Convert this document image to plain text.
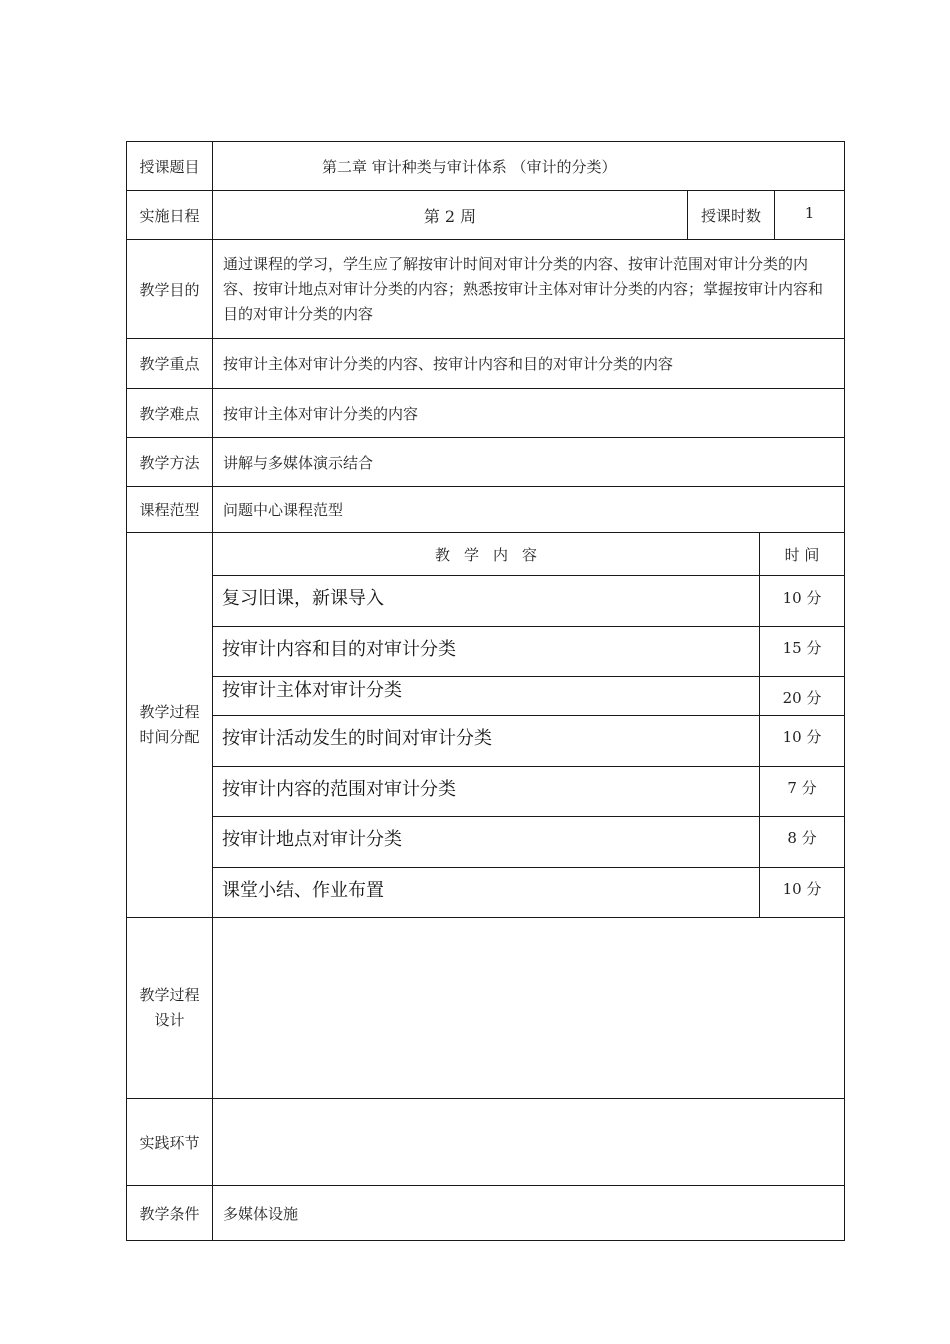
授课题目	第二章 审计种类与审计体系 （审计的分类）
实施日程	第 2 周	授课时数	1
教学目的
通过课程的学习，学生应了解按审计时间对审计分类的内容、按审计范围对审计分类的内容、按审计地点对审计分类的内容；熟悉按审计主体对审计分类的内容；掌握按审计内容和目的对审计分类的内容
教学重点	按审计主体对审计分类的内容、按审计内容和目的对审计分类的内容
教学难点	按审计主体对审计分类的内容
教学方法	讲解与多媒体演示结合
课程范型	问题中心课程范型
教学过程
时间分配
教学内容	时 间
复习旧课，新课导入	10 分
按审计内容和目的对审计分类	15 分
按审计主体对审计分类	20 分
按审计活动发生的时间对审计分类	10 分
按审计内容的范围对审计分类	7 分
按审计地点对审计分类	8 分
课堂小结、作业布置	10 分
教学过程
设计
实践环节
教学条件	多媒体设施
